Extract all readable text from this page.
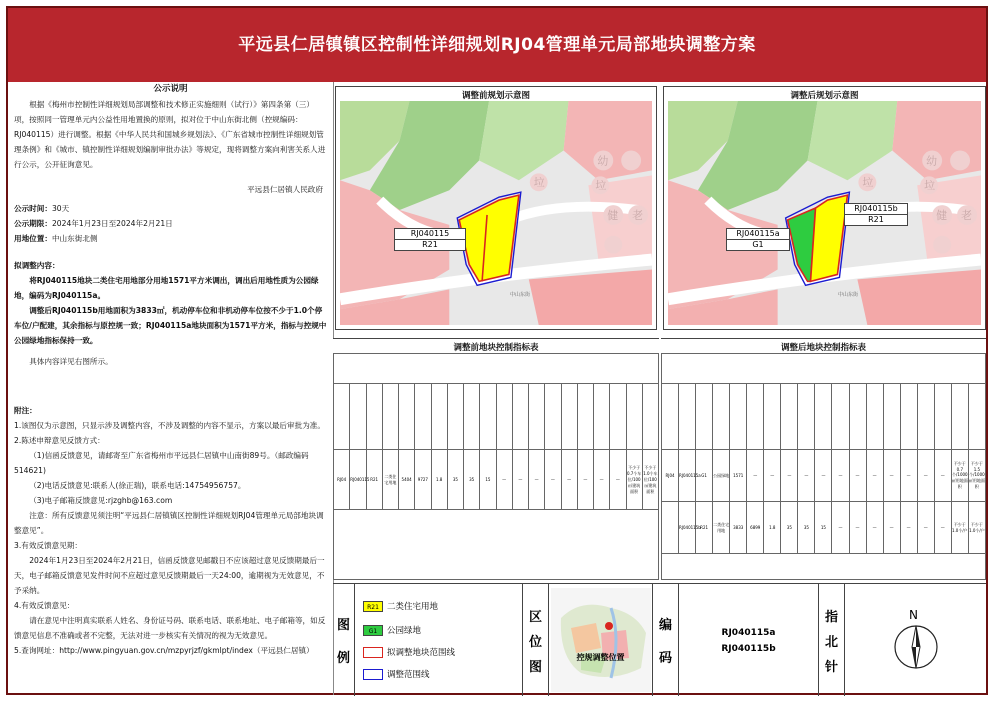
平远县仁居镇镇区控制性详细规划RJ04管理单元局部地块调整方案

公示说明

根据《梅州市控制性详细规划局部调整和技术修正实施细则（试行）》第四条第（三）项，按照同一管理单元内公益性用地置换的原则，拟对位于中山东街北侧（控规编码：RJ040115）进行调整。根据《中华人民共和国城乡规划法》、《广东省城市控制性详细规划管理条例》和《城市、镇控制性详细规划编制审批办法》等规定，现将调整方案向利害关系人进行公示，公开征询意见。

平远县仁居镇人民政府

公示时间：30天

公示期限：2024年1月23日至2024年2月21日

用地位置：中山东街北侧

拟调整内容：

将RJ040115地块二类住宅用地部分用地1571平方米调出，调出后用地性质为公园绿地，编码为RJ040115a。

调整后RJ040115b用地面积为3833㎡，机动停车位和非机动停车位按不少于1.0个停车位/户配建，其余指标与原控规一致；RJ040115a地块面积为1571平方米，指标与控规中公园绿地指标保持一致。

具体内容详见右图所示。

附注：

1.该图仅为示意图，只显示涉及调整内容，不涉及调整的内容不显示，方案以最后审批为准。

2.陈述申辩意见反馈方式：

（1)信函反馈意见，请邮寄至广东省梅州市平远县仁居镇中山南街89号。（邮政编码514621)

（2)电话反馈意见:联系人(徐正瑞)，联系电话:14754956757。

（3)电子邮箱反馈意见:rjzghb@163.com

注意：所有反馈意见须注明“平远县仁居镇镇区控制性详细规划RJ04管理单元局部地块调整意见”。

3.有效反馈意见期：

2024年1月23日至2024年2月21日，信函反馈意见邮戳日不应该超过意见反馈期最后一天，电子邮箱反馈意见发件时间不应超过意见反馈期最后一天24:00，逾期视为无效意见，不予采纳。

4.有效反馈意见：

请在意见中注明真实联系人姓名、身份证号码、联系电话、联系地址、电子邮箱等，如反馈意见信息不准确或者不完整，无法对进一步核实有关情况的视为无效意见。

5.查询网址：http://www.pingyuan.gov.cn/mzpyrjzf/gkmlpt/index（平远县仁居镇）

调整前规划示意图
幼
垃
健 老
垃
RJ040115
R21
中山东街
调整后规划示意图
幼
垃
健 老
垃
RJ040115a
G1
RJ040115b
R21
中山东街
调整前地块控制指标表

RJ04	RJ040115	R21	二类住宅用地	5404	9727	1.8	35	35	15	—	—	—	—	—	—	—	—	不少于0.7个车位/100㎡建筑面积	不少于1.0个车位/100㎡建筑面积

调整后地块控制指标表

RJ04	RJ040115a	G1	公园绿地	1571	—	—	—	—	—	—	—	—	—	—	—	—	不少于0.7个/1000㎡用地面积	不少于1.5个/1000㎡用地面积
	RJ040115b	R21	二类住宅用地	3833	6899	1.8	35	35	15	—	—	—	—	—	—	—	不少于1.0个/户	不少于1.0个/户

图
例
R21 二类住宅用地
G1	公园绿地
拟调整地块范围线
调整范围线
区
位
图
控规调整位置
编
码
RJ040115a
RJ040115b
指
北
针
N
